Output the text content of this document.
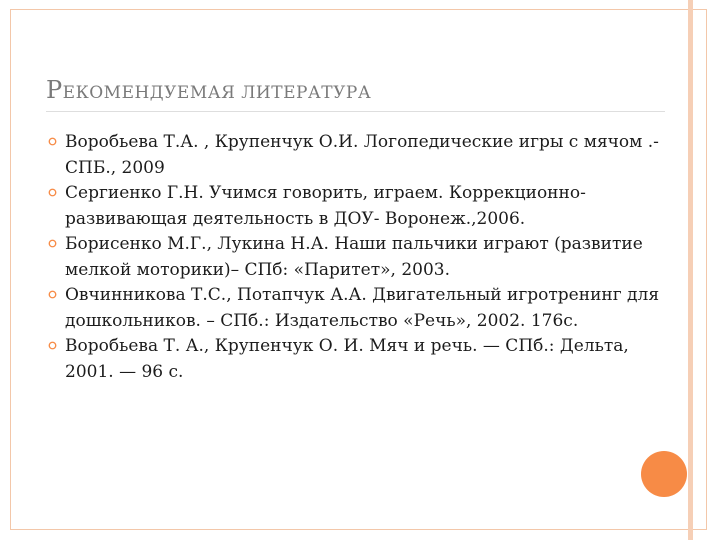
РЕКОМЕНДУЕМАЯ ЛИТЕРАТУРА
Воробьева Т.А. , Крупенчук О.И. Логопедические игры с мячом .- СПБ., 2009
Сергиенко Г.Н. Учимся говорить, играем. Коррекционно-развивающая деятельность в ДОУ- Воронеж.,2006.
Борисенко М.Г., Лукина Н.А. Наши пальчики играют (развитие мелкой моторики)– СПб: «Паритет», 2003.
Овчинникова Т.С., Потапчук А.А. Двигательный игротренинг для дошкольников. – СПб.: Издательство «Речь», 2002. 176с.
Воробьева Т. А., Крупенчук О. И. Мяч и речь. — СПб.: Дельта, 2001. — 96 с.
